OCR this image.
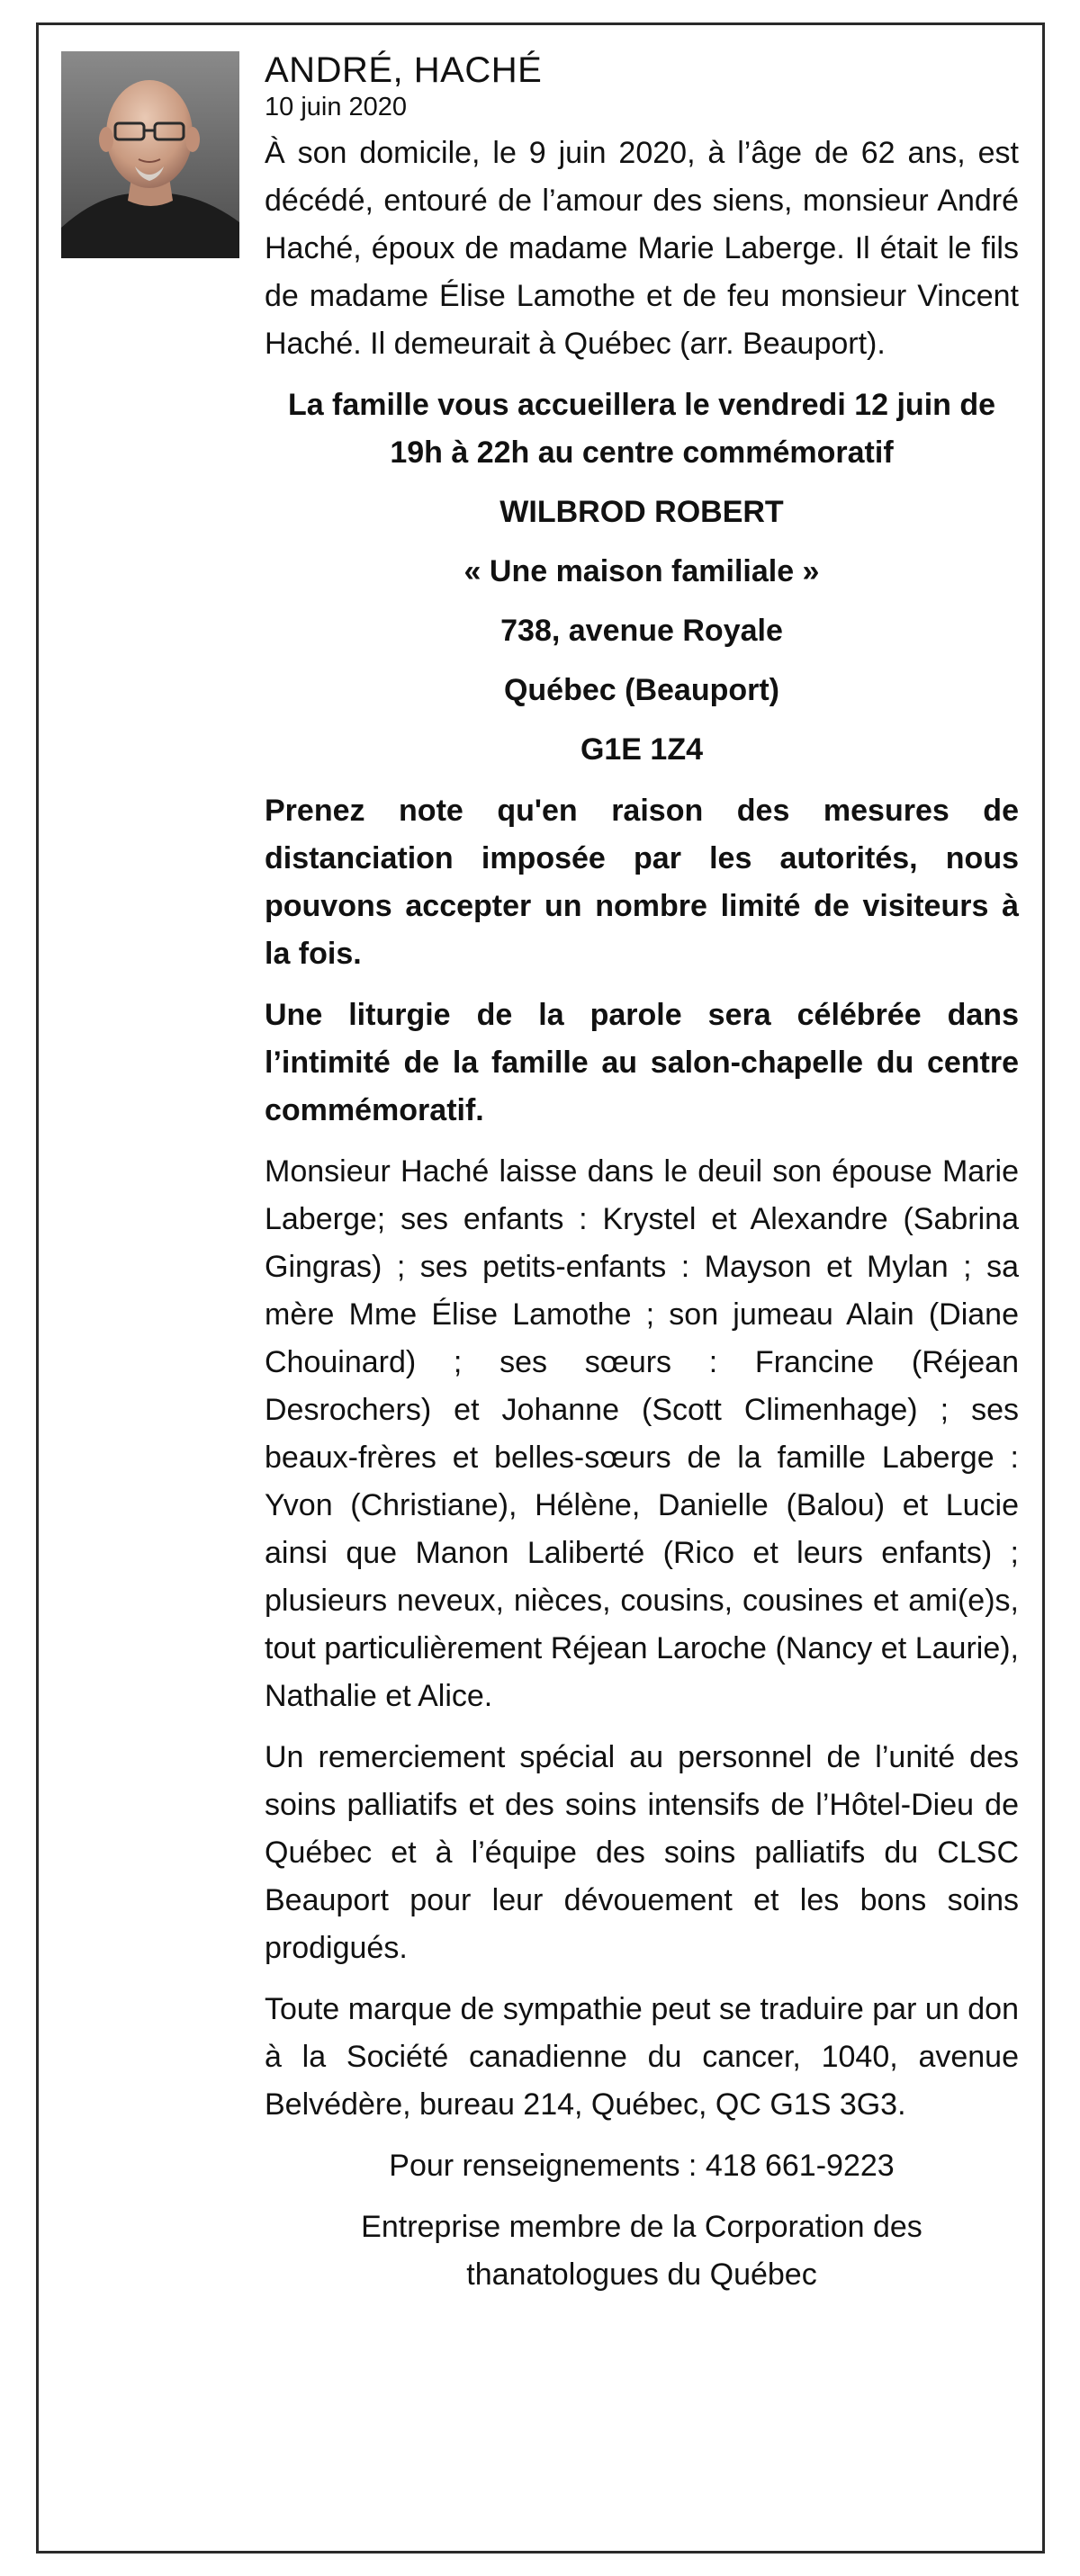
ANDRÉ, HACHÉ
10 juin 2020

À son domicile, le 9 juin 2020, à l’âge de 62 ans, est décédé, entouré de l’amour des siens, monsieur André Haché, époux de madame Marie Laberge. Il était le fils de madame Élise Lamothe et de feu monsieur Vincent Haché. Il demeurait à Québec (arr. Beauport).

La famille vous accueillera le vendredi 12 juin de 19h à 22h au centre commémoratif

WILBROD ROBERT

« Une maison familiale »

738, avenue Royale

Québec (Beauport)

G1E 1Z4

Prenez note qu'en raison des mesures de distanciation imposée par les autorités, nous pouvons accepter un nombre limité de visiteurs à la fois.

Une liturgie de la parole sera célébrée dans l’intimité de la famille au salon-chapelle du centre commémoratif.

Monsieur Haché laisse dans le deuil son épouse Marie Laberge; ses enfants : Krystel et Alexandre (Sabrina Gingras) ; ses petits-enfants : Mayson et Mylan ; sa mère Mme Élise Lamothe ; son jumeau Alain (Diane Chouinard) ; ses sœurs : Francine (Réjean Desrochers) et Johanne (Scott Climenhage) ; ses beaux-frères et belles-sœurs de la famille Laberge : Yvon (Christiane), Hélène, Danielle (Balou) et Lucie ainsi que Manon Laliberté (Rico et leurs enfants) ; plusieurs neveux, nièces, cousins, cousines et ami(e)s, tout particulièrement Réjean Laroche (Nancy et Laurie), Nathalie et Alice.

Un remerciement spécial au personnel de l’unité des soins palliatifs et des soins intensifs de l’Hôtel-Dieu de Québec et à l’équipe des soins palliatifs du CLSC Beauport pour leur dévouement et les bons soins prodigués.

Toute marque de sympathie peut se traduire par un don à la Société canadienne du cancer, 1040, avenue Belvédère, bureau 214, Québec, QC G1S 3G3.

Pour renseignements : 418 661-9223

Entreprise membre de la Corporation des thanatologues du Québec
